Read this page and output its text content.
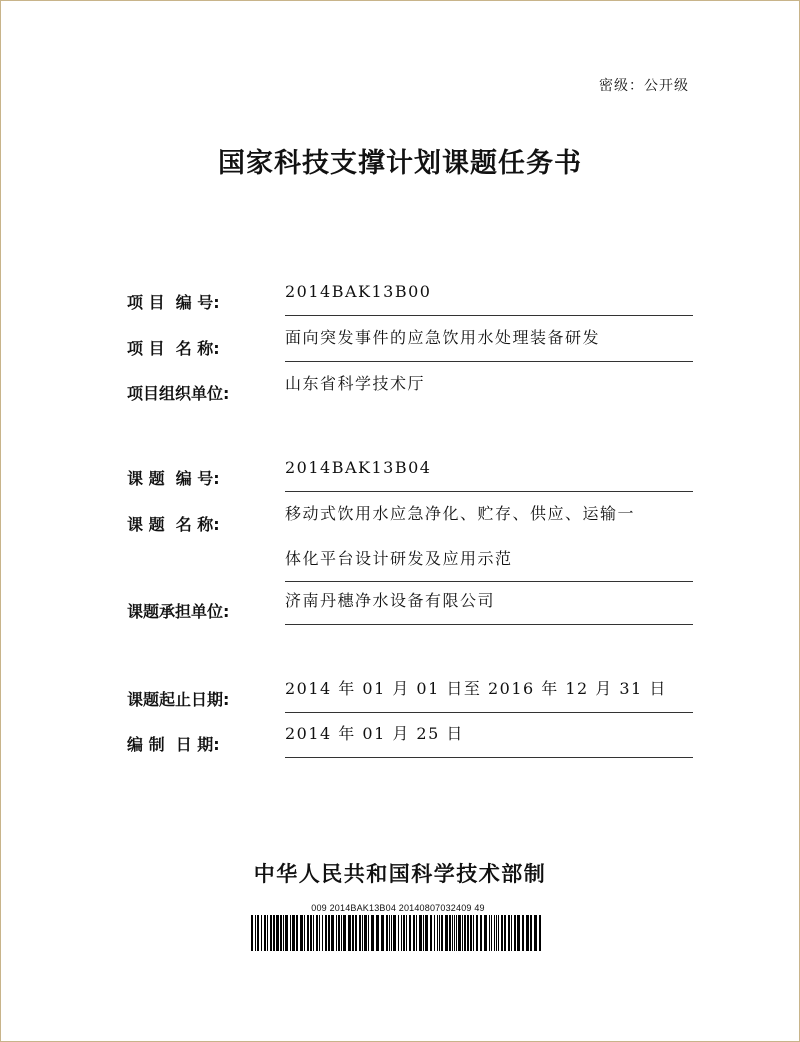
密级：公开级
国家科技支撑计划课题任务书
项 目  编 号:
2014BAK13B00
项 目  名 称:
面向突发事件的应急饮用水处理装备研发
项目组织单位:
山东省科学技术厅
课 题  编 号:
2014BAK13B04
课 题  名 称:
移动式饮用水应急净化、贮存、供应、运输一
体化平台设计研发及应用示范
课题承担单位:
济南丹穗净水设备有限公司
课题起止日期:
2014 年 01 月 01 日至 2016 年 12 月 31 日
编 制  日 期:
2014 年 01 月 25 日
中华人民共和国科学技术部制
009 2014BAK13B04 20140807032409 49
